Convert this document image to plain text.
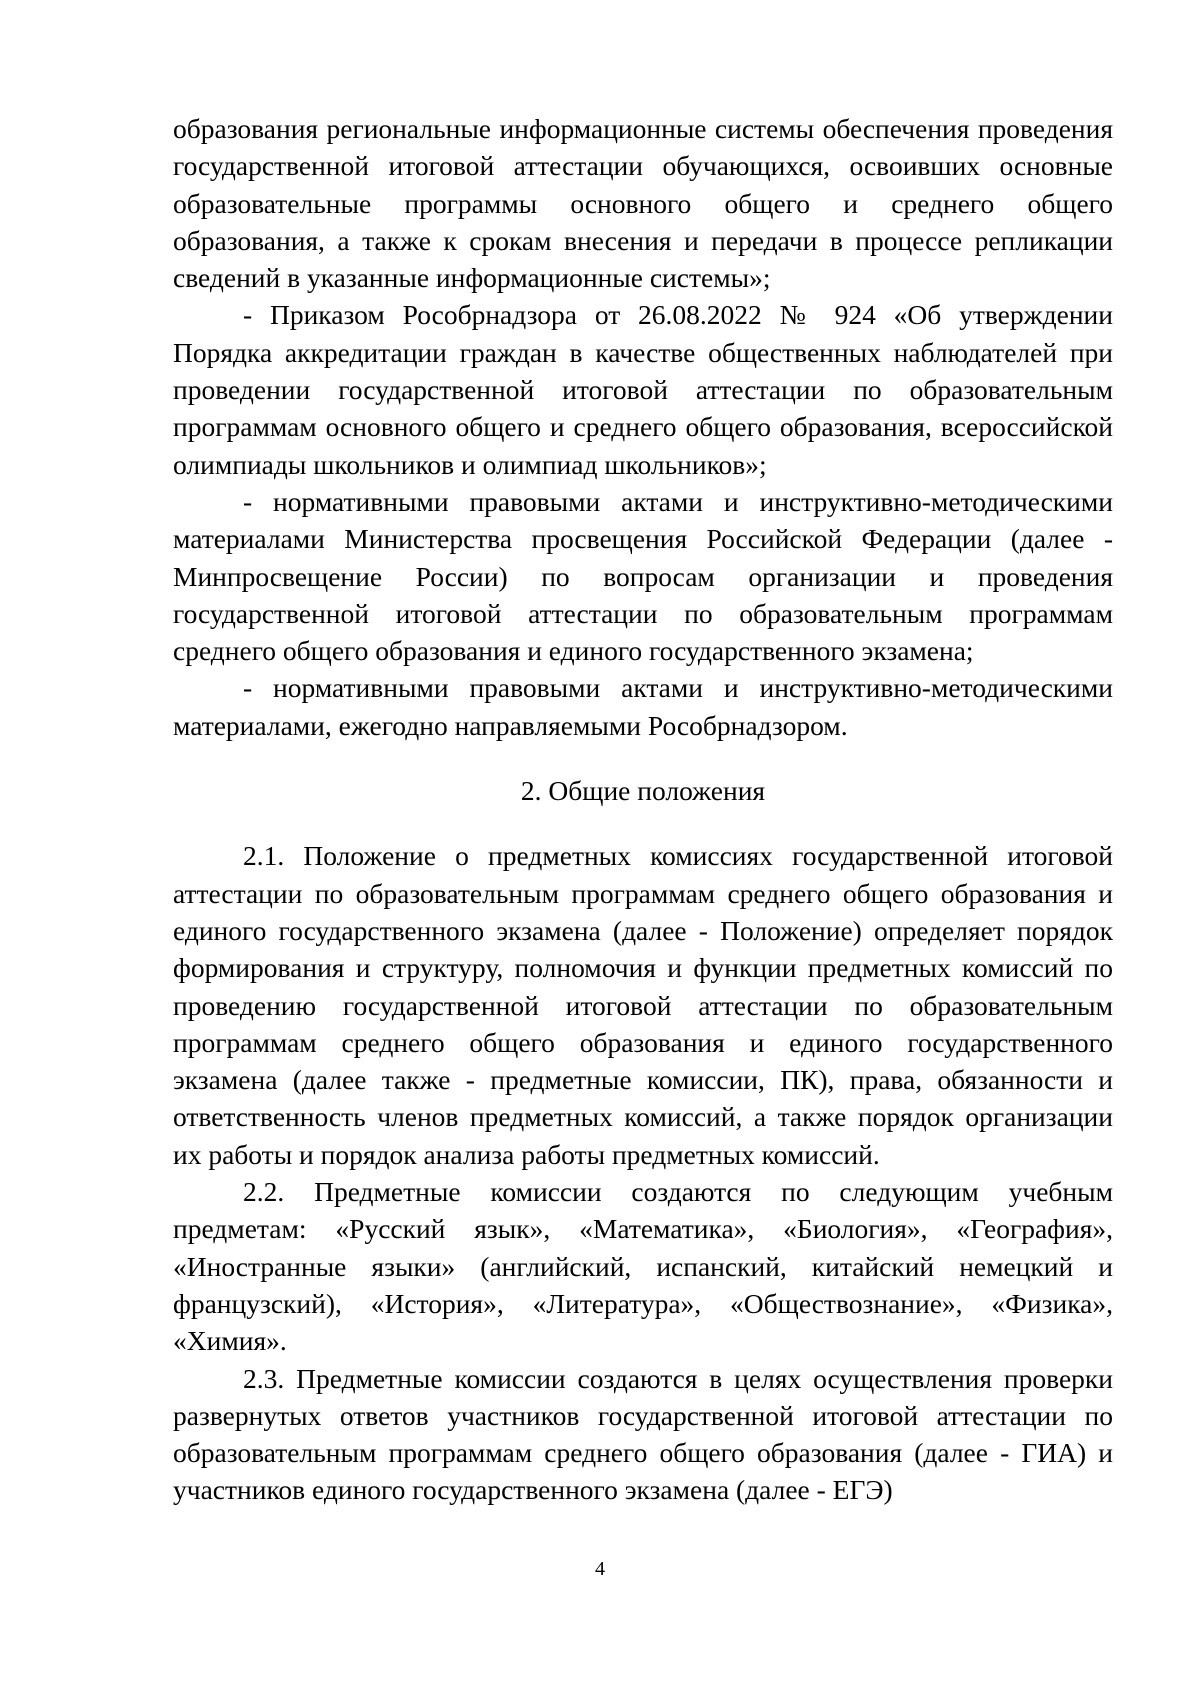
образования региональные информационные системы обеспечения проведения государственной итоговой аттестации обучающихся, освоивших основные образовательные программы основного общего и среднего общего образования, а также к срокам внесения и передачи в процессе репликации сведений в указанные информационные системы»;

- Приказом Рособрнадзора от 26.08.2022 № 924 «Об утверждении Порядка аккредитации граждан в качестве общественных наблюдателей при проведении государственной итоговой аттестации по образовательным программам основного общего и среднего общего образования, всероссийской олимпиады школьников и олимпиад школьников»;

- нормативными правовыми актами и инструктивно-методическими материалами Министерства просвещения Российской Федерации (далее - Минпросвещение России) по вопросам организации и проведения государственной итоговой аттестации по образовательным программам среднего общего образования и единого государственного экзамена;

- нормативными правовыми актами и инструктивно-методическими материалами, ежегодно направляемыми Рособрнадзором.

2. Общие положения

2.1. Положение о предметных комиссиях государственной итоговой аттестации по образовательным программам среднего общего образования и единого государственного экзамена (далее - Положение) определяет порядок формирования и структуру, полномочия и функции предметных комиссий по проведению государственной итоговой аттестации по образовательным программам среднего общего образования и единого государственного экзамена (далее также - предметные комиссии, ПК), права, обязанности и ответственность членов предметных комиссий, а также порядок организации их работы и порядок анализа работы предметных комиссий.

2.2. Предметные комиссии создаются по следующим учебным предметам: «Русский язык», «Математика», «Биология», «География», «Иностранные языки» (английский, испанский, китайский немецкий и французский), «История», «Литература», «Обществознание», «Физика», «Химия».

2.3. Предметные комиссии создаются в целях осуществления проверки развернутых ответов участников государственной итоговой аттестации по образовательным программам среднего общего образования (далее - ГИА) и участников единого государственного экзамена (далее - ЕГЭ)

4
